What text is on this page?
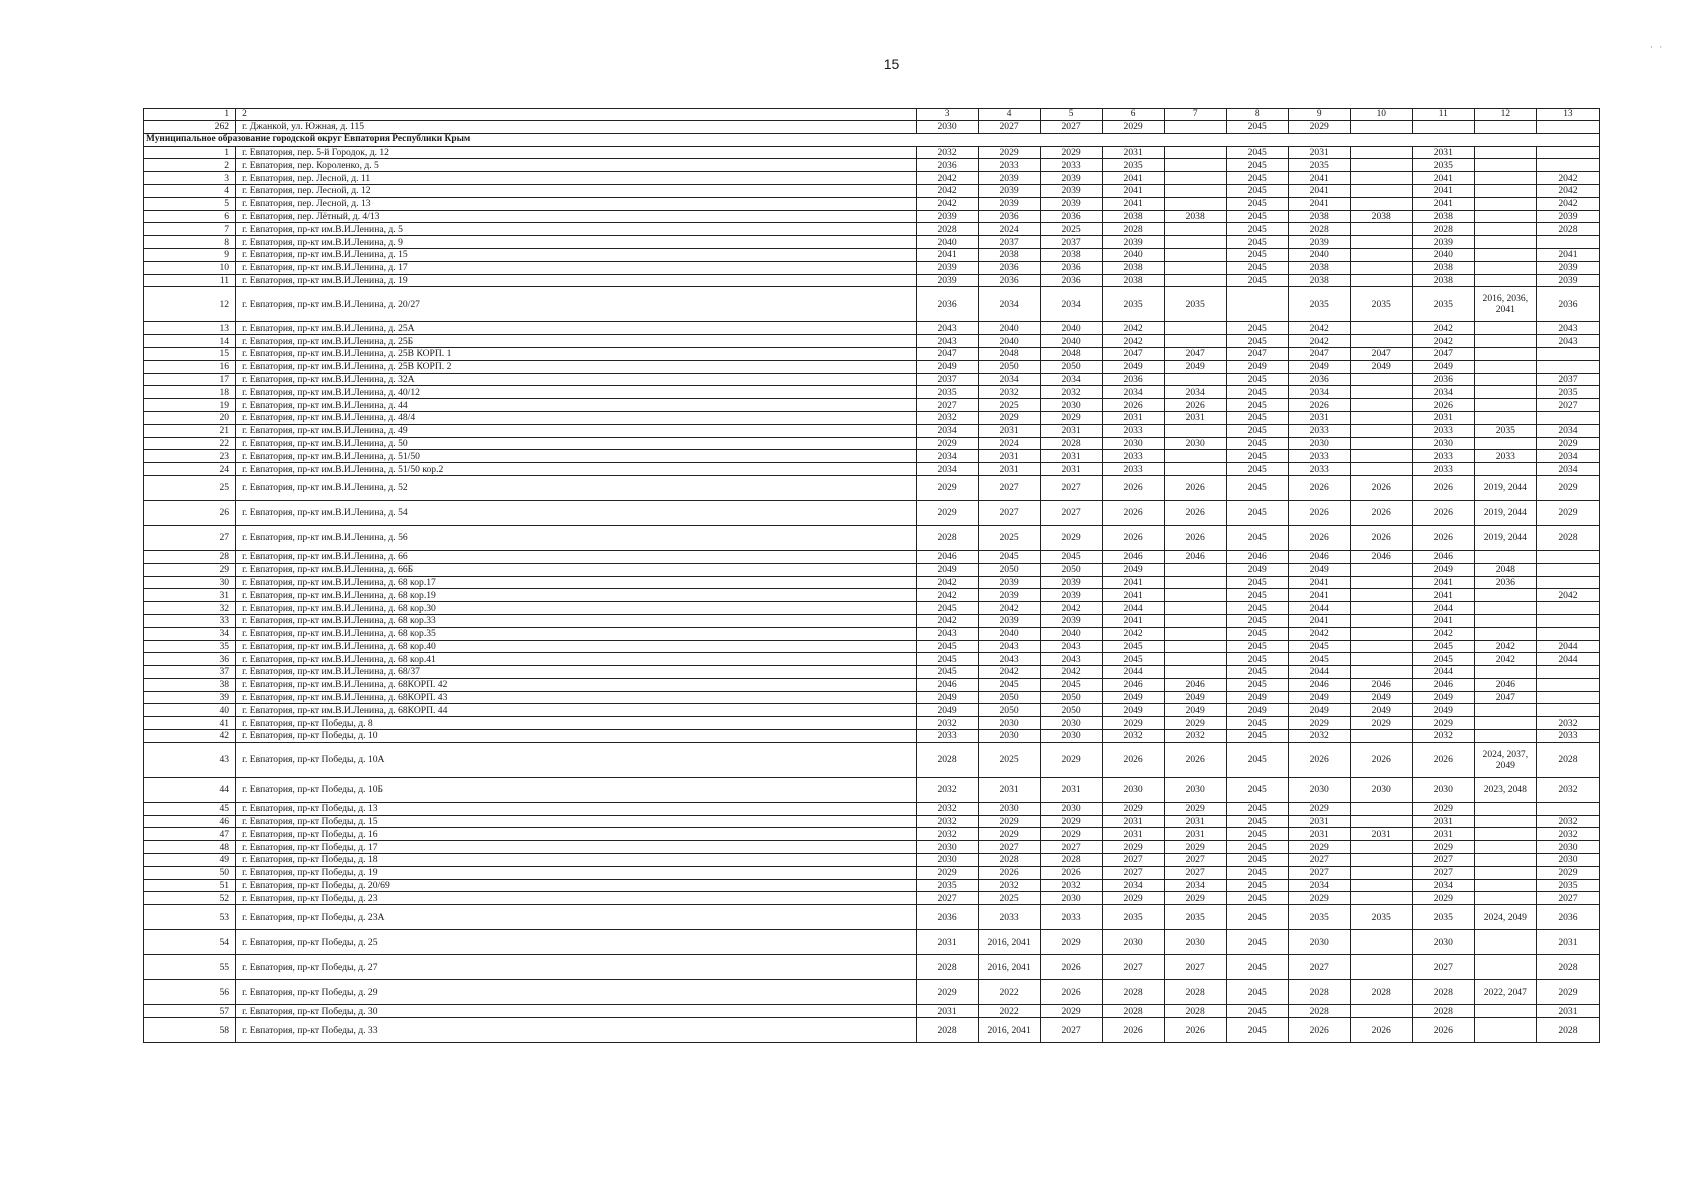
15
· ·
1	2	3	4	5	6	7	8	9	10	11	12	13
262	г. Джанкой, ул. Южная, д. 115	2030	2027	2027	2029		2045	2029				
Муниципальное образование городской округ Евпатория Республики Крым												
1	г. Евпатория, пер. 5-й Городок, д. 12	2032	2029	2029	2031		2045	2031		2031		
2	г. Евпатория, пер. Короленко, д. 5	2036	2033	2033	2035		2045	2035		2035		
3	г. Евпатория, пер. Лесной, д. 11	2042	2039	2039	2041		2045	2041		2041		2042
4	г. Евпатория, пер. Лесной, д. 12	2042	2039	2039	2041		2045	2041		2041		2042
5	г. Евпатория, пер. Лесной, д. 13	2042	2039	2039	2041		2045	2041		2041		2042
6	г. Евпатория, пер. Лётный, д. 4/13	2039	2036	2036	2038	2038	2045	2038	2038	2038		2039
7	г. Евпатория, пр-кт им.В.И.Ленина, д. 5	2028	2024	2025	2028		2045	2028		2028		2028
8	г. Евпатория, пр-кт им.В.И.Ленина, д. 9	2040	2037	2037	2039		2045	2039		2039		
9	г. Евпатория, пр-кт им.В.И.Ленина, д. 15	2041	2038	2038	2040		2045	2040		2040		2041
10	г. Евпатория, пр-кт им.В.И.Ленина, д. 17	2039	2036	2036	2038		2045	2038		2038		2039
11	г. Евпатория, пр-кт им.В.И.Ленина, д. 19	2039	2036	2036	2038		2045	2038		2038		2039
12	г. Евпатория, пр-кт им.В.И.Ленина, д. 20/27	2036	2034	2034	2035	2035		2035	2035	2035	2016, 2036, 2041	2036
13	г. Евпатория, пр-кт им.В.И.Ленина, д. 25А	2043	2040	2040	2042		2045	2042		2042		2043
14	г. Евпатория, пр-кт им.В.И.Ленина, д. 25Б	2043	2040	2040	2042		2045	2042		2042		2043
15	г. Евпатория, пр-кт им.В.И.Ленина, д. 25В КОРП. 1	2047	2048	2048	2047	2047	2047	2047	2047	2047		
16	г. Евпатория, пр-кт им.В.И.Ленина, д. 25В КОРП. 2	2049	2050	2050	2049	2049	2049	2049	2049	2049		
17	г. Евпатория, пр-кт им.В.И.Ленина, д. 32А	2037	2034	2034	2036		2045	2036		2036		2037
18	г. Евпатория, пр-кт им.В.И.Ленина, д. 40/12	2035	2032	2032	2034	2034	2045	2034		2034		2035
19	г. Евпатория, пр-кт им.В.И.Ленина, д. 44	2027	2025	2030	2026	2026	2045	2026		2026		2027
20	г. Евпатория, пр-кт им.В.И.Ленина, д. 48/4	2032	2029	2029	2031	2031	2045	2031		2031		
21	г. Евпатория, пр-кт им.В.И.Ленина, д. 49	2034	2031	2031	2033		2045	2033		2033	2035	2034
22	г. Евпатория, пр-кт им.В.И.Ленина, д. 50	2029	2024	2028	2030	2030	2045	2030		2030		2029
23	г. Евпатория, пр-кт им.В.И.Ленина, д. 51/50	2034	2031	2031	2033		2045	2033		2033	2033	2034
24	г. Евпатория, пр-кт им.В.И.Ленина, д. 51/50 кор.2	2034	2031	2031	2033		2045	2033		2033		2034
25	г. Евпатория, пр-кт им.В.И.Ленина, д. 52	2029	2027	2027	2026	2026	2045	2026	2026	2026	2019, 2044	2029
26	г. Евпатория, пр-кт им.В.И.Ленина, д. 54	2029	2027	2027	2026	2026	2045	2026	2026	2026	2019, 2044	2029
27	г. Евпатория, пр-кт им.В.И.Ленина, д. 56	2028	2025	2029	2026	2026	2045	2026	2026	2026	2019, 2044	2028
28	г. Евпатория, пр-кт им.В.И.Ленина, д. 66	2046	2045	2045	2046	2046	2046	2046	2046	2046		
29	г. Евпатория, пр-кт им.В.И.Ленина, д. 66Б	2049	2050	2050	2049		2049	2049		2049	2048	
30	г. Евпатория, пр-кт им.В.И.Ленина, д. 68 кор.17	2042	2039	2039	2041		2045	2041		2041	2036	
31	г. Евпатория, пр-кт им.В.И.Ленина, д. 68 кор.19	2042	2039	2039	2041		2045	2041		2041		2042
32	г. Евпатория, пр-кт им.В.И.Ленина, д. 68 кор.30	2045	2042	2042	2044		2045	2044		2044		
33	г. Евпатория, пр-кт им.В.И.Ленина, д. 68 кор.33	2042	2039	2039	2041		2045	2041		2041		
34	г. Евпатория, пр-кт им.В.И.Ленина, д. 68 кор.35	2043	2040	2040	2042		2045	2042		2042		
35	г. Евпатория, пр-кт им.В.И.Ленина, д. 68 кор.40	2045	2043	2043	2045		2045	2045		2045	2042	2044
36	г. Евпатория, пр-кт им.В.И.Ленина, д. 68 кор.41	2045	2043	2043	2045		2045	2045		2045	2042	2044
37	г. Евпатория, пр-кт им.В.И.Ленина, д. 68/37	2045	2042	2042	2044		2045	2044		2044		
38	г. Евпатория, пр-кт им.В.И.Ленина, д. 68КОРП. 42	2046	2045	2045	2046	2046	2045	2046	2046	2046	2046	
39	г. Евпатория, пр-кт им.В.И.Ленина, д. 68КОРП. 43	2049	2050	2050	2049	2049	2049	2049	2049	2049	2047	
40	г. Евпатория, пр-кт им.В.И.Ленина, д. 68КОРП. 44	2049	2050	2050	2049	2049	2049	2049	2049	2049		
41	г. Евпатория, пр-кт Победы, д. 8	2032	2030	2030	2029	2029	2045	2029	2029	2029		2032
42	г. Евпатория, пр-кт Победы, д. 10	2033	2030	2030	2032	2032	2045	2032		2032		2033
43	г. Евпатория, пр-кт Победы, д. 10А	2028	2025	2029	2026	2026	2045	2026	2026	2026	2024, 2037, 2049	2028
44	г. Евпатория, пр-кт Победы, д. 10Б	2032	2031	2031	2030	2030	2045	2030	2030	2030	2023, 2048	2032
45	г. Евпатория, пр-кт Победы, д. 13	2032	2030	2030	2029	2029	2045	2029		2029		
46	г. Евпатория, пр-кт Победы, д. 15	2032	2029	2029	2031	2031	2045	2031		2031		2032
47	г. Евпатория, пр-кт Победы, д. 16	2032	2029	2029	2031	2031	2045	2031	2031	2031		2032
48	г. Евпатория, пр-кт Победы, д. 17	2030	2027	2027	2029	2029	2045	2029		2029		2030
49	г. Евпатория, пр-кт Победы, д. 18	2030	2028	2028	2027	2027	2045	2027		2027		2030
50	г. Евпатория, пр-кт Победы, д. 19	2029	2026	2026	2027	2027	2045	2027		2027		2029
51	г. Евпатория, пр-кт Победы, д. 20/69	2035	2032	2032	2034	2034	2045	2034		2034		2035
52	г. Евпатория, пр-кт Победы, д. 23	2027	2025	2030	2029	2029	2045	2029		2029		2027
53	г. Евпатория, пр-кт Победы, д. 23А	2036	2033	2033	2035	2035	2045	2035	2035	2035	2024, 2049	2036
54	г. Евпатория, пр-кт Победы, д. 25	2031	2016, 2041	2029	2030	2030	2045	2030		2030		2031
55	г. Евпатория, пр-кт Победы, д. 27	2028	2016, 2041	2026	2027	2027	2045	2027		2027		2028
56	г. Евпатория, пр-кт Победы, д. 29	2029	2022	2026	2028	2028	2045	2028	2028	2028	2022, 2047	2029
57	г. Евпатория, пр-кт Победы, д. 30	2031	2022	2029	2028	2028	2045	2028		2028		2031
58	г. Евпатория, пр-кт Победы, д. 33	2028	2016, 2041	2027	2026	2026	2045	2026	2026	2026		2028
